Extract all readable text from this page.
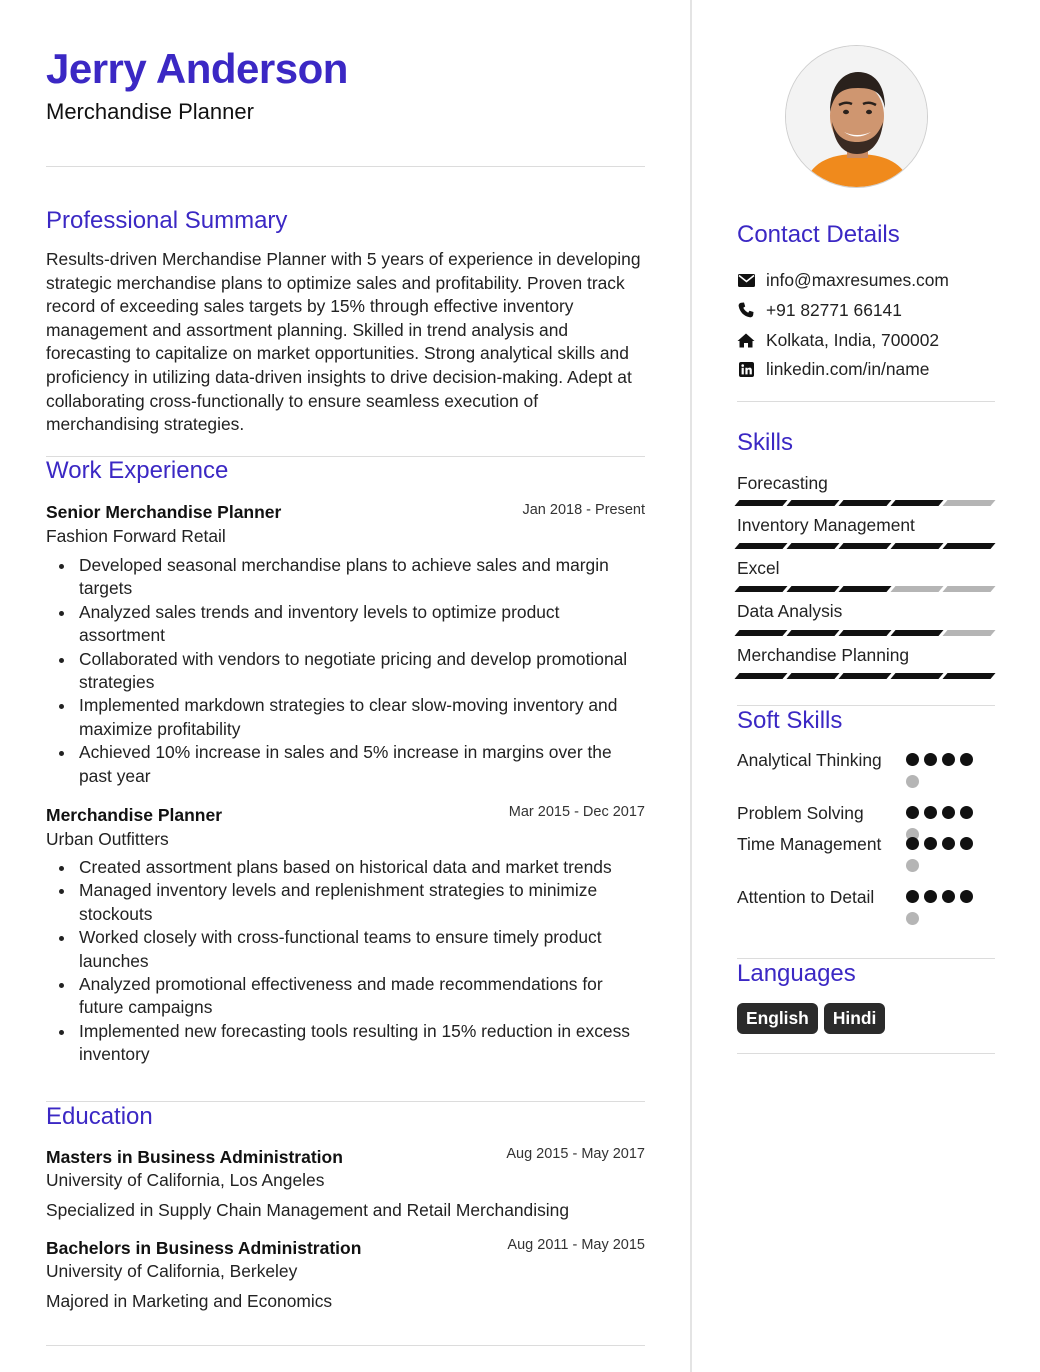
Jerry Anderson
Merchandise Planner
Professional Summary
Results-driven Merchandise Planner with 5 years of experience in developing strategic merchandise plans to optimize sales and profitability. Proven track record of exceeding sales targets by 15% through effective inventory management and assortment planning. Skilled in trend analysis and forecasting to capitalize on market opportunities. Strong analytical skills and proficiency in utilizing data-driven insights to drive decision-making. Adept at collaborating cross-functionally to ensure seamless execution of merchandising strategies.
Work Experience
Senior Merchandise Planner	Jan 2018 - Present
Fashion Forward Retail
Developed seasonal merchandise plans to achieve sales and margin targets
Analyzed sales trends and inventory levels to optimize product assortment
Collaborated with vendors to negotiate pricing and develop promotional strategies
Implemented markdown strategies to clear slow-moving inventory and maximize profitability
Achieved 10% increase in sales and 5% increase in margins over the past year
Merchandise Planner	Mar 2015 - Dec 2017
Urban Outfitters
Created assortment plans based on historical data and market trends
Managed inventory levels and replenishment strategies to minimize stockouts
Worked closely with cross-functional teams to ensure timely product launches
Analyzed promotional effectiveness and made recommendations for future campaigns
Implemented new forecasting tools resulting in 15% reduction in excess inventory
Education
Masters in Business Administration	Aug 2015 - May 2017
University of California, Los Angeles
Specialized in Supply Chain Management and Retail Merchandising
Bachelors in Business Administration	Aug 2011 - May 2015
University of California, Berkeley
Majored in Marketing and Economics
Contact Details
info@maxresumes.com
+91 82771 66141
Kolkata, India, 700002
linkedin.com/in/name
Skills
Forecasting
Inventory Management
Excel
Data Analysis
Merchandise Planning
Soft Skills
Analytical Thinking
Problem Solving
Time Management
Attention to Detail
Languages
English	Hindi
